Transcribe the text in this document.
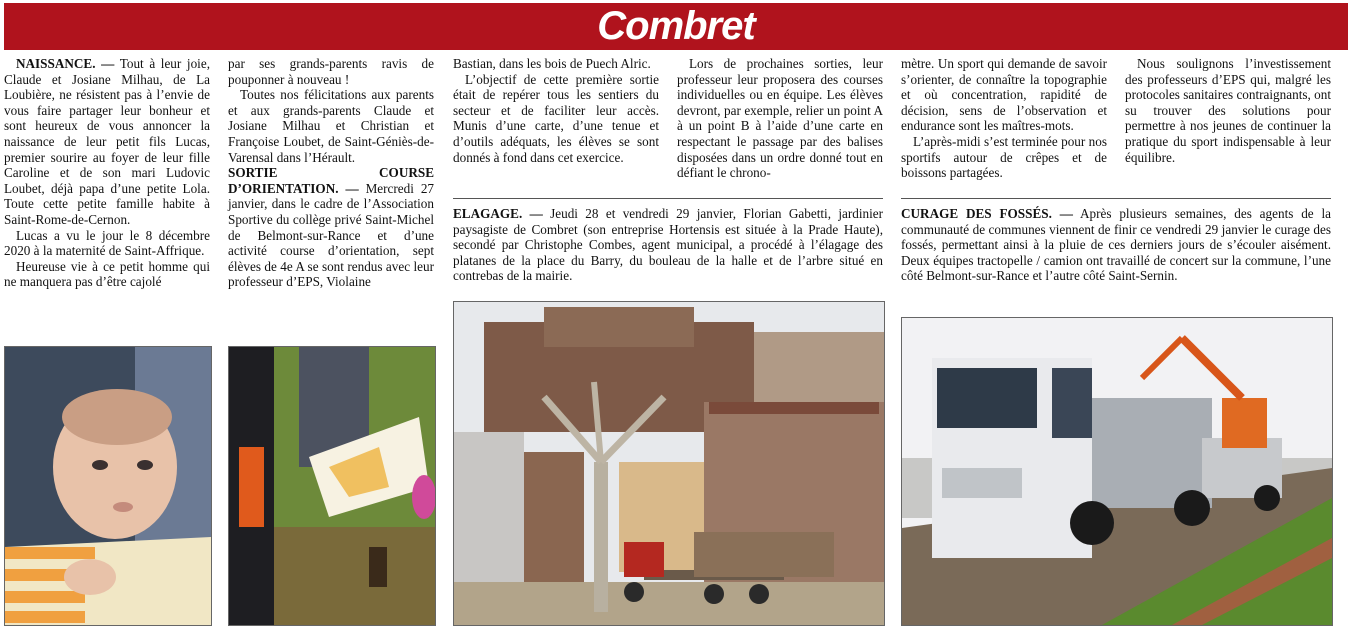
Combret

NAISSANCE. — Tout à leur joie, Claude et Josiane Milhau, de La Loubière, ne résistent pas à l’envie de vous faire partager leur bonheur et sont heureux de vous annoncer la naissance de leur petit fils Lucas, premier sourire au foyer de leur fille Caroline et de son mari Ludovic Loubet, déjà papa d’une petite Lola. Toute cette petite famille habite à Saint-Rome-de-Cernon.

Lucas a vu le jour le 8 décembre 2020 à la maternité de Saint-Affrique.

Heureuse vie à ce petit homme qui ne manquera pas d’être cajolé

par ses grands-parents ravis de pouponner à nouveau !

Toutes nos félicitations aux parents et aux grands-parents Claude et Josiane Milhau et Christian et Françoise Loubet, de Saint-Géniès-de-Varensal dans l’Hérault.

SORTIE COURSE D’ORIENTATION. — Mercredi 27 janvier, dans le cadre de l’Association Sportive du collège privé Saint-Michel de Belmont-sur-Rance et d’une activité course d’orientation, sept élèves de 4e A se sont rendus avec leur professeur d’EPS, Violaine

Bastian, dans les bois de Puech Alric.

L’objectif de cette première sortie était de repérer tous les sentiers du secteur et de faciliter leur accès. Munis d’une carte, d’une tenue et d’outils adéquats, les élèves se sont donnés à fond dans cet exercice.

Lors de prochaines sorties, leur professeur leur proposera des courses individuelles ou en équipe. Les élèves devront, par exemple, relier un point A à un point B à l’aide d’une carte en respectant le passage par des balises disposées dans un ordre donné tout en défiant le chrono-

mètre. Un sport qui demande de savoir s’orienter, de connaître la topographie et où concentration, rapidité de décision, sens de l’observation et endurance sont les maîtres-mots.

L’après-midi s’est terminée pour nos sportifs autour de crêpes et de boissons partagées.

Nous soulignons l’investissement des professeurs d’EPS qui, malgré les protocoles sanitaires contraignants, ont su trouver des solutions pour permettre à nos jeunes de continuer la pratique du sport indispensable à leur équilibre.

ELAGAGE. — Jeudi 28 et vendredi 29 janvier, Florian Gabetti, jardinier paysagiste de Combret (son entreprise Hortensis est située à la Prade Haute), secondé par Christophe Combes, agent municipal, a procédé à l’élagage des platanes de la place du Barry, du bouleau de la halle et de l’arbre situé en contrebas de la mairie.

CURAGE DES FOSSÉS. — Après plusieurs semaines, des agents de la communauté de communes viennent de finir ce vendredi 29 janvier le curage des fossés, permettant ainsi à la pluie de ces derniers jours de s’écouler aisément. Deux équipes tractopelle / camion ont travaillé de concert sur la commune, l’une côté Belmont-sur-Rance et l’autre côté Saint-Sernin.
